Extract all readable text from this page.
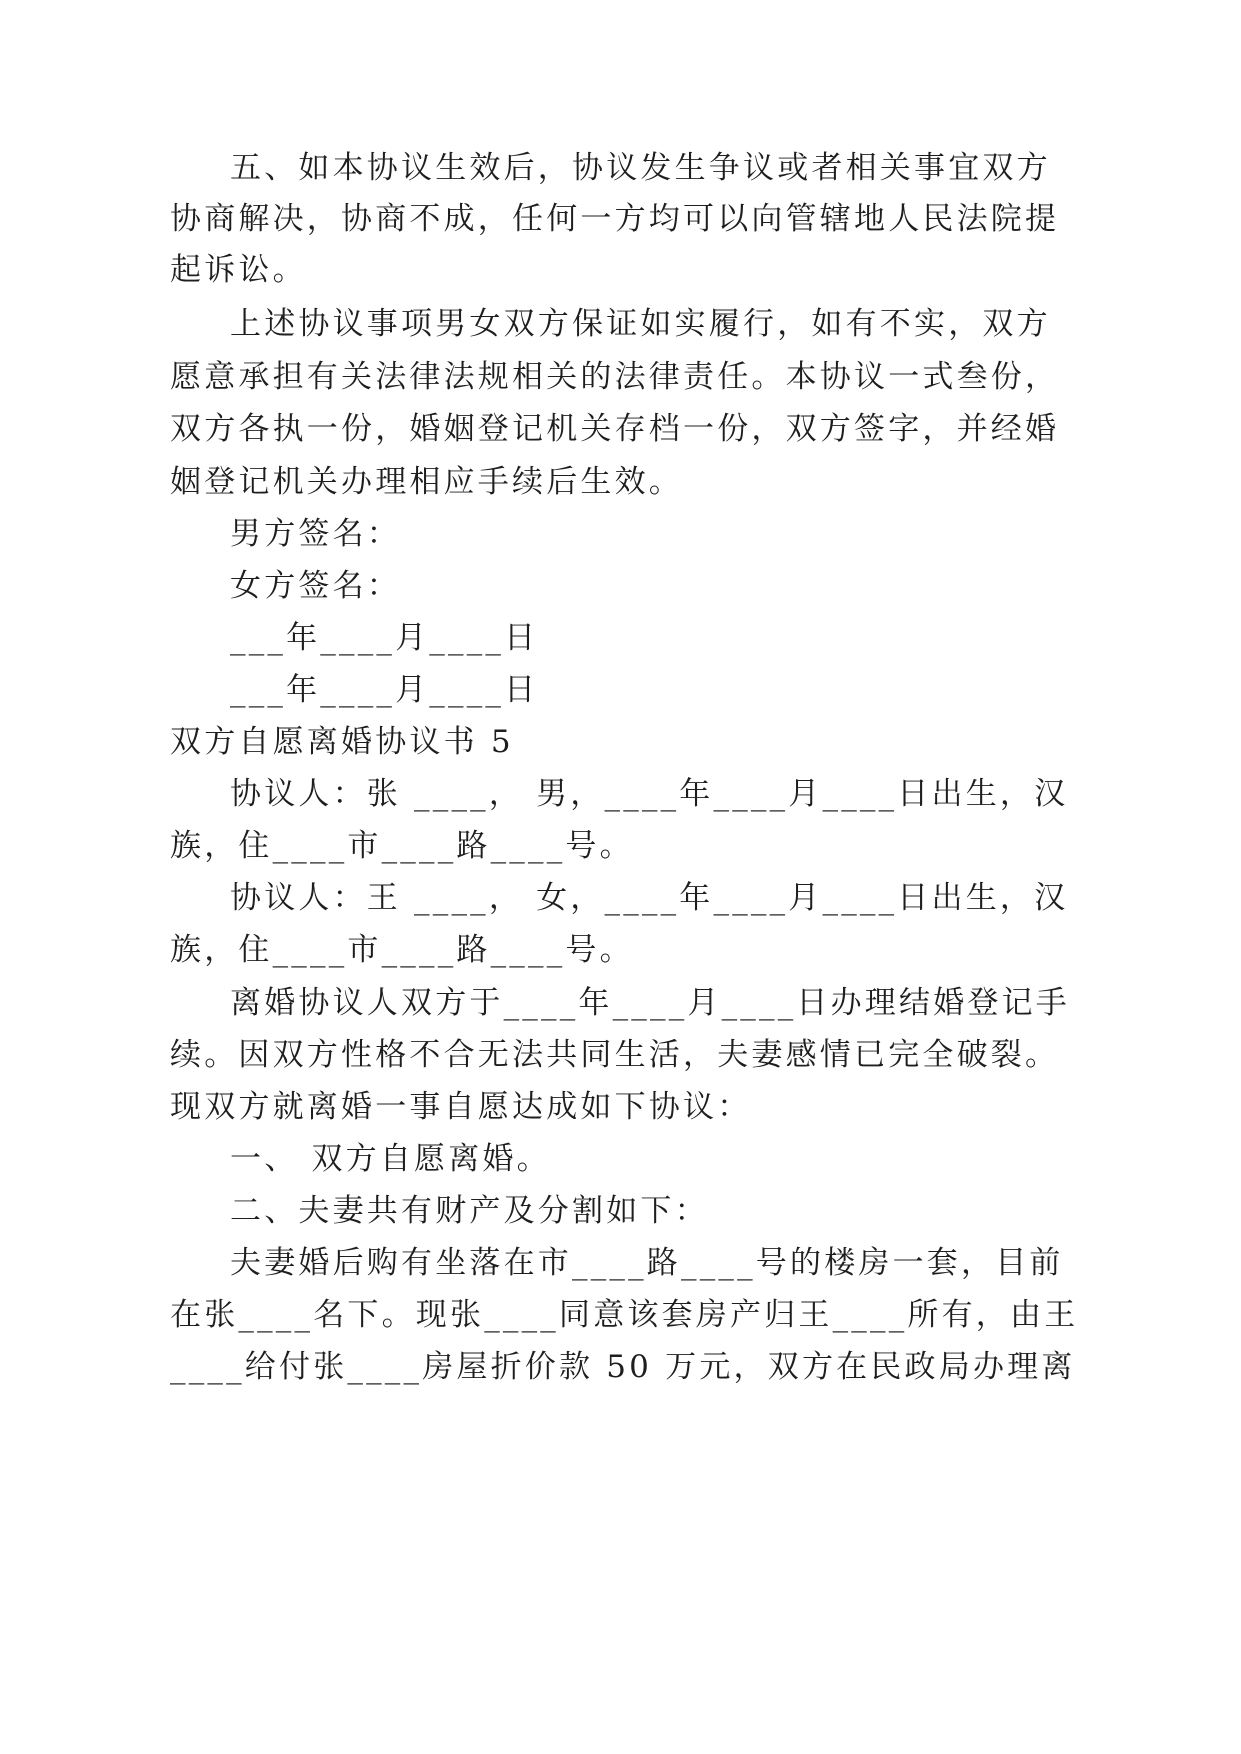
五、如本协议生效后，协议发生争议或者相关事宜双方
协商解决，协商不成，任何一方均可以向管辖地人民法院提
起诉讼。
上述协议事项男女双方保证如实履行，如有不实，双方
愿意承担有关法律法规相关的法律责任。本协议一式叁份，
双方各执一份，婚姻登记机关存档一份，双方签字，并经婚
姻登记机关办理相应手续后生效。
男方签名：
女方签名：
___年____月____日
___年____月____日
双方自愿离婚协议书 5
协议人：张 ____， 男，____年____月____日出生，汉
族，住____市____路____号。
协议人：王 ____， 女，____年____月____日出生，汉
族，住____市____路____号。
离婚协议人双方于____年____月____日办理结婚登记手
续。因双方性格不合无法共同生活，夫妻感情已完全破裂。
现双方就离婚一事自愿达成如下协议：
一、 双方自愿离婚。
二、夫妻共有财产及分割如下：
夫妻婚后购有坐落在市____路____号的楼房一套，目前
在张____名下。现张____同意该套房产归王____所有，由王
____给付张____房屋折价款 50 万元，双方在民政局办理离
